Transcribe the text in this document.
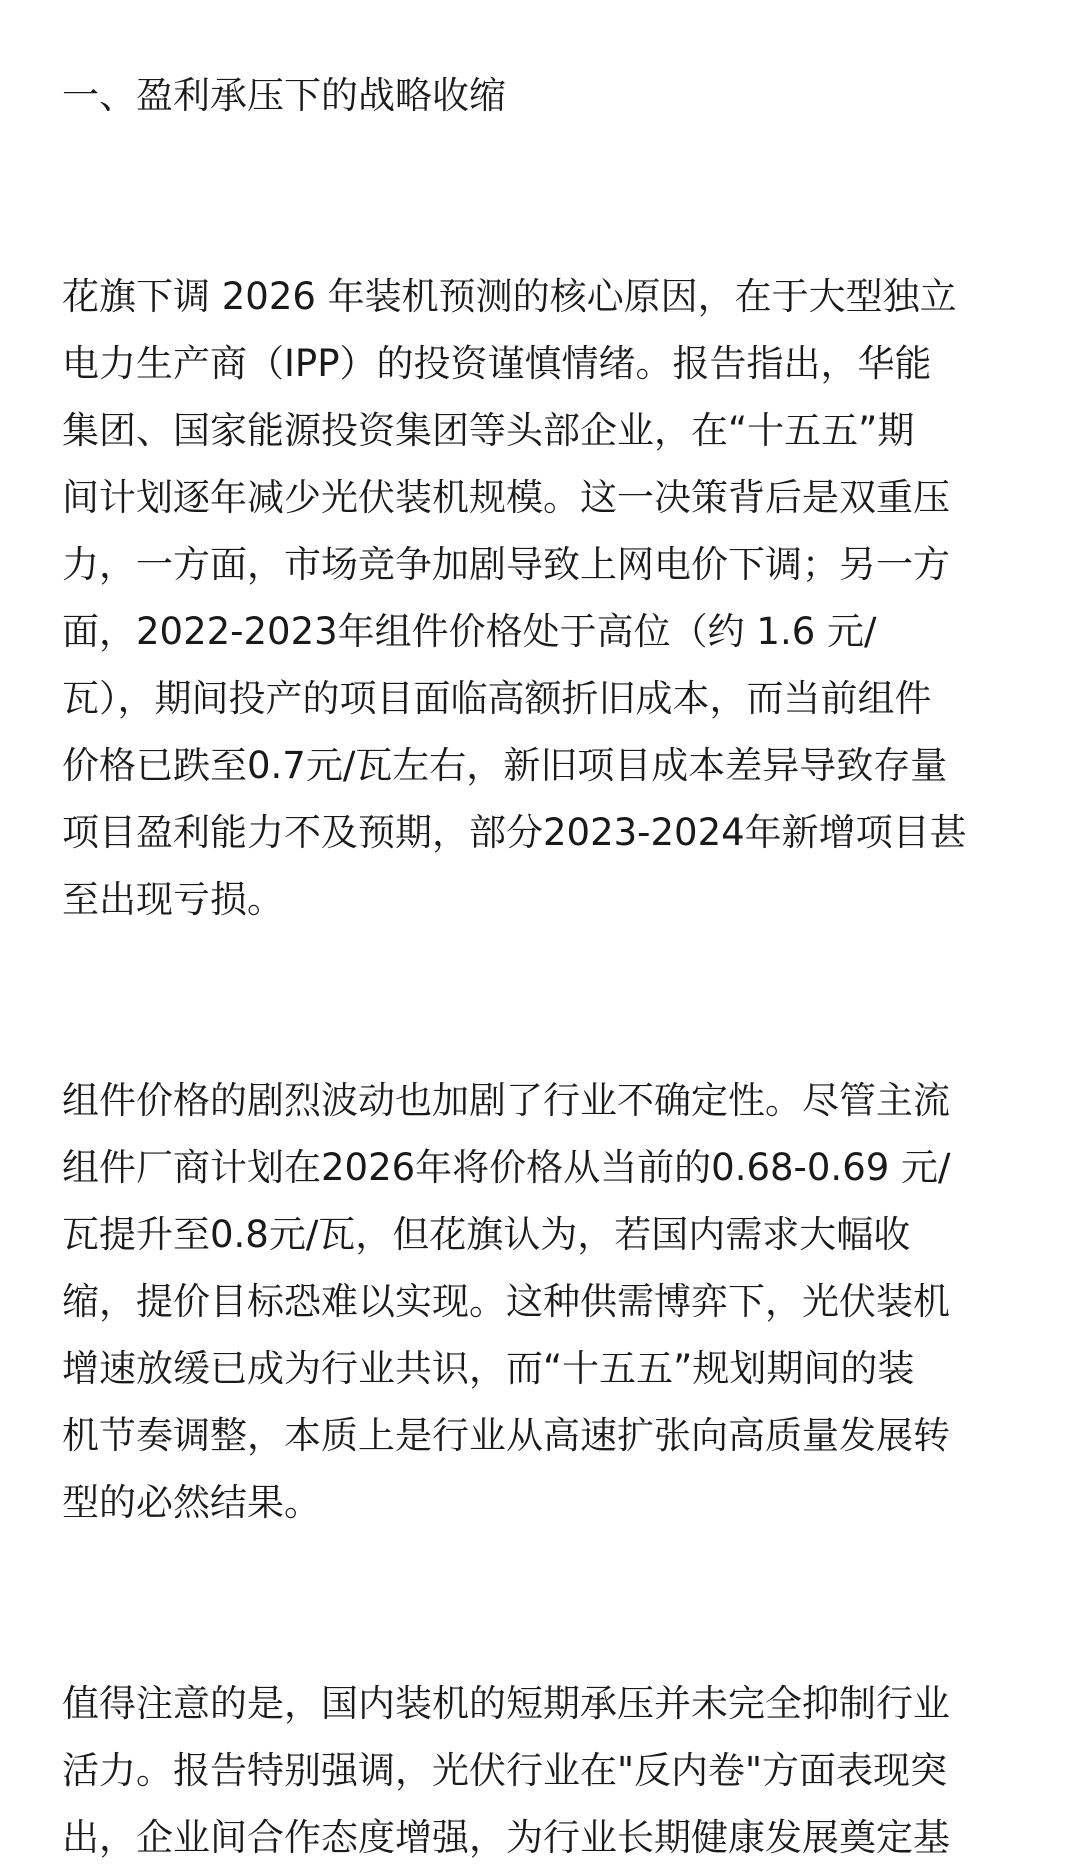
一、盈利承压下的战略收缩

花旗下调 2026 年装机预测的核心原因，在于大型独立
电力生产商（IPP）的投资谨慎情绪。报告指出，华能
集团、国家能源投资集团等头部企业，在“十五五”期
间计划逐年减少光伏装机规模。这一决策背后是双重压
力，一方面，市场竞争加剧导致上网电价下调；另一方
面，2022-2023年组件价格处于高位（约 1.6 元/
瓦），期间投产的项目面临高额折旧成本，而当前组件
价格已跌至0.7元/瓦左右，新旧项目成本差异导致存量
项目盈利能力不及预期，部分2023-2024年新增项目甚
至出现亏损。

组件价格的剧烈波动也加剧了行业不确定性。尽管主流
组件厂商计划在2026年将价格从当前的0.68-0.69 元/
瓦提升至0.8元/瓦，但花旗认为，若国内需求大幅收
缩，提价目标恐难以实现。这种供需博弈下，光伏装机
增速放缓已成为行业共识，而“十五五”规划期间的装
机节奏调整，本质上是行业从高速扩张向高质量发展转
型的必然结果。

值得注意的是，国内装机的短期承压并未完全抑制行业
活力。报告特别强调，光伏行业在"反内卷"方面表现突
出，企业间合作态度增强，为行业长期健康发展奠定基
